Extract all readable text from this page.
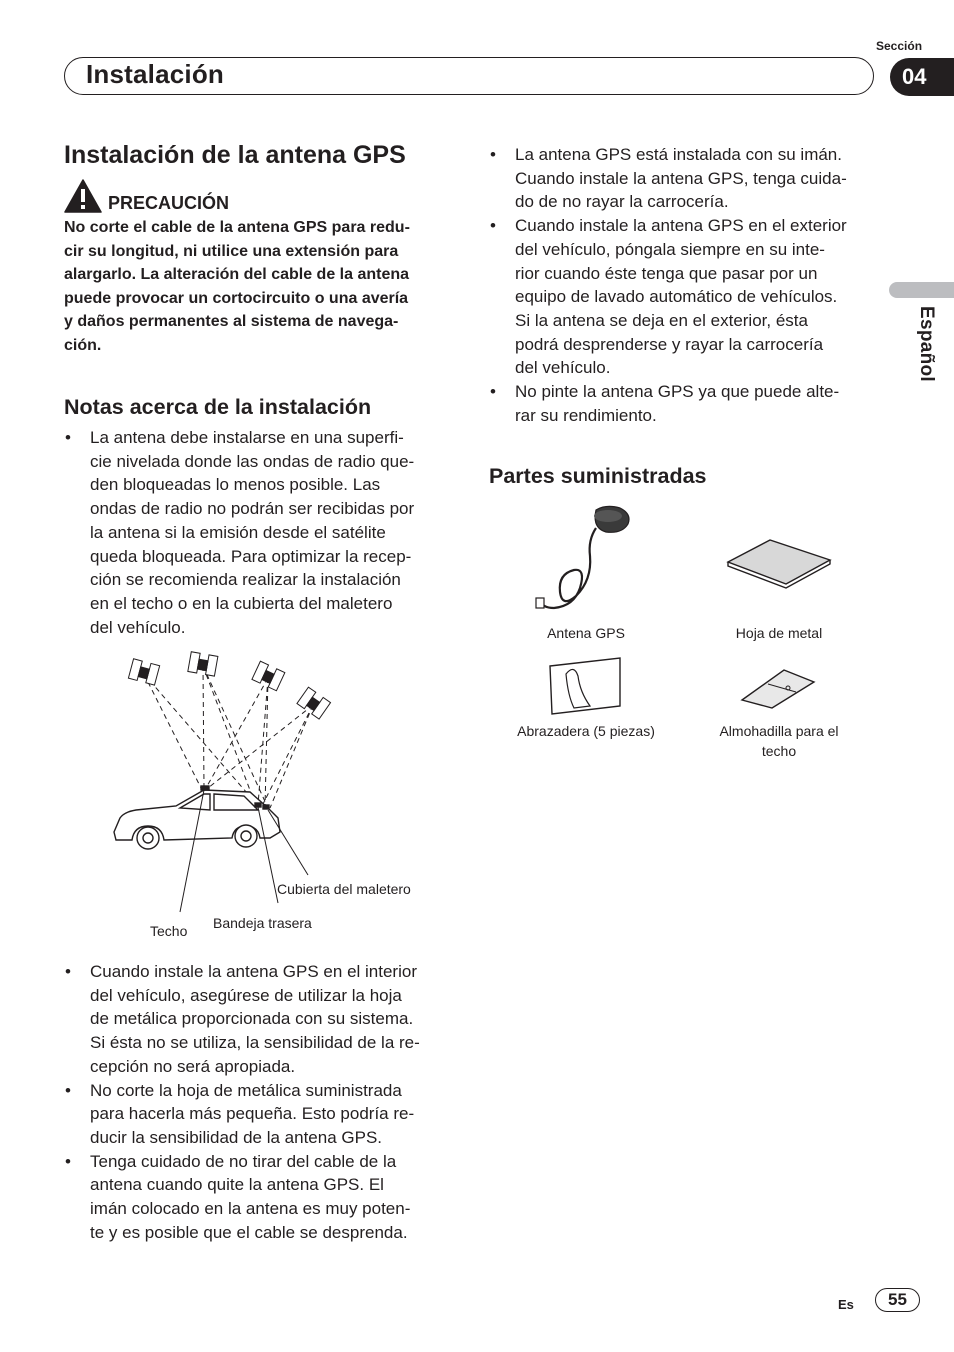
Instalación
Sección
04
Español
Instalación de la antena GPS
PRECAUCIÓN
No corte el cable de la antena GPS para redu-
cir su longitud, ni utilice una extensión para
alargarlo. La alteración del cable de la antena
puede provocar un cortocircuito o una avería
y daños permanentes al sistema de navega-
ción.
Notas acerca de la instalación

• La antena debe instalarse en una superfi-
cie nivelada donde las ondas de radio que-
den bloqueadas lo menos posible. Las
ondas de radio no podrán ser recibidas por
la antena si la emisión desde el satélite
queda bloqueada. Para optimizar la recep-
ción se recomienda realizar la instalación
en el techo o en la cubierta del maletero
del vehículo.

Techo Bandeja trasera
Cubierta del maletero

• Cuando instale la antena GPS en el interior
del vehículo, asegúrese de utilizar la hoja
de metálica proporcionada con su sistema.
Si ésta no se utiliza, la sensibilidad de la re-
cepción no será apropiada.

• No corte la hoja de metálica suministrada
para hacerla más pequeña. Esto podría re-
ducir la sensibilidad de la antena GPS.

• Tenga cuidado de no tirar del cable de la
antena cuando quite la antena GPS. El
imán colocado en la antena es muy poten-
te y es posible que el cable se desprenda.

• La antena GPS está instalada con su imán.
Cuando instale la antena GPS, tenga cuida-
do de no rayar la carrocería.

• Cuando instale la antena GPS en el exterior
del vehículo, póngala siempre en su inte-
rior cuando éste tenga que pasar por un
equipo de lavado automático de vehículos.
Si la antena se deja en el exterior, ésta
podrá desprenderse y rayar la carrocería
del vehículo.

• No pinte la antena GPS ya que puede alte-
rar su rendimiento.

Partes suministradas
Antena GPS	Hoja de metal
Abrazadera (5 piezas)	Almohadilla para el
techo
Es	55
